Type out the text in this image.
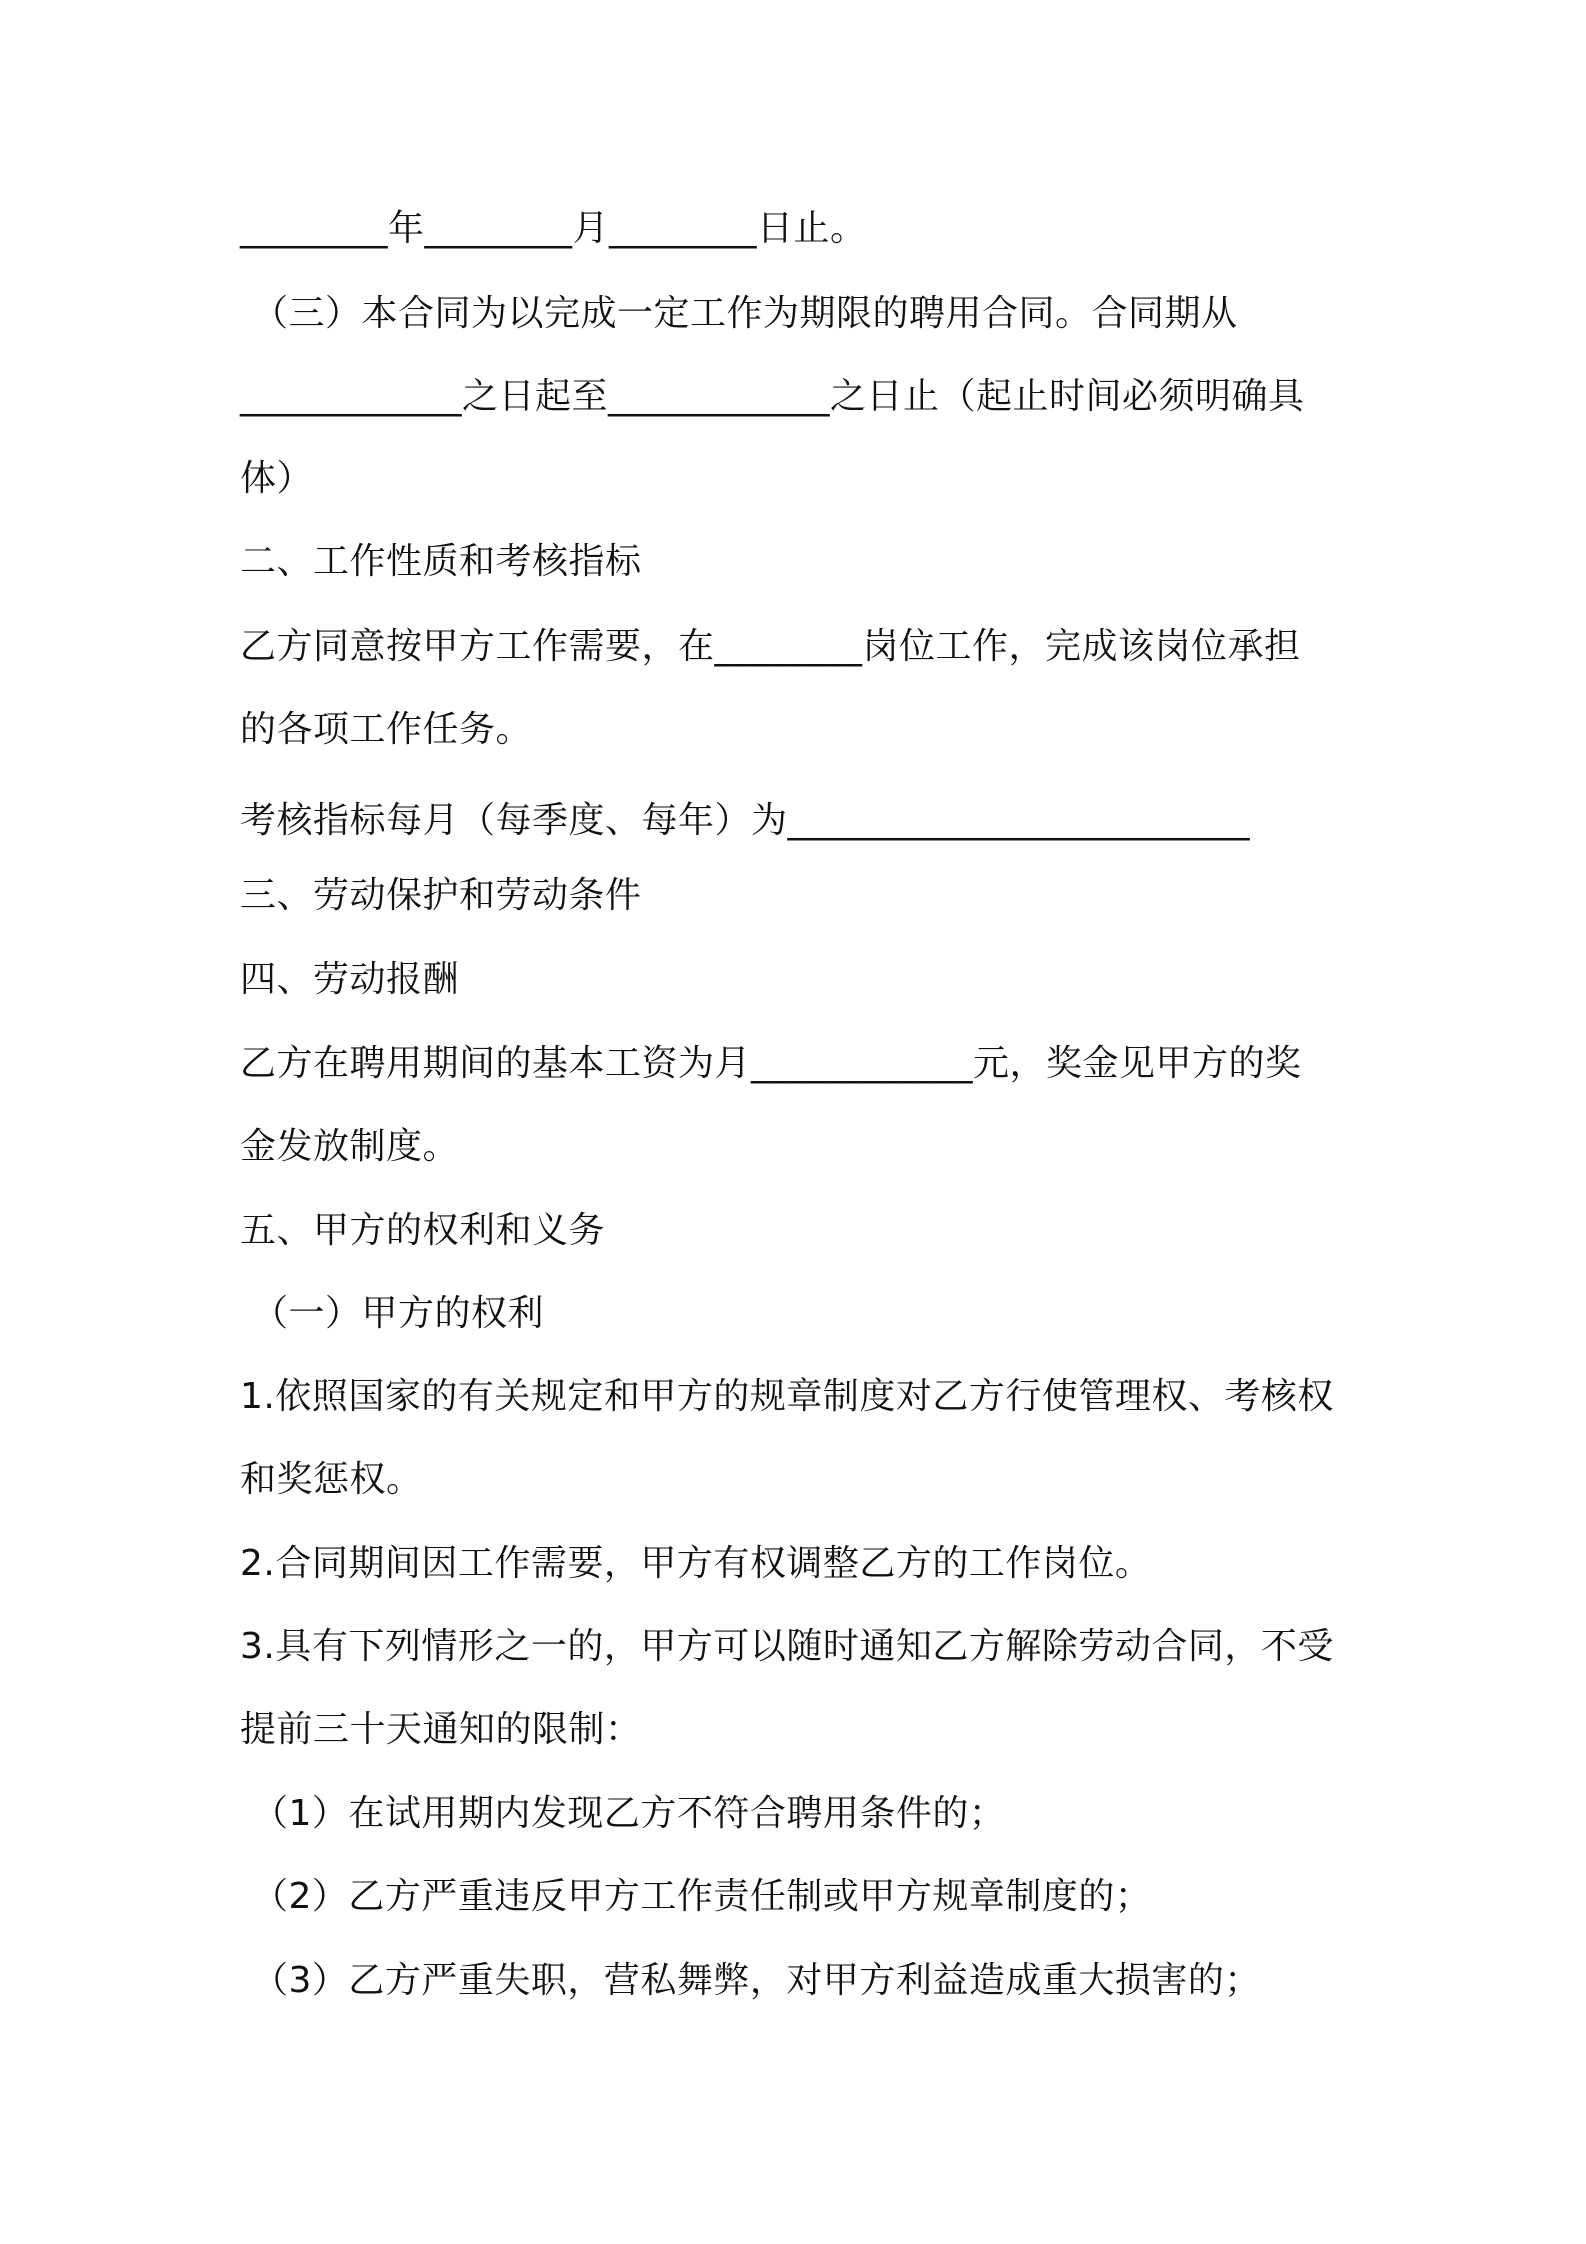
________年________月________日止。
（三）本合同为以完成一定工作为期限的聘用合同。合同期从
____________之日起至____________之日止（起止时间必须明确具
体）
二、工作性质和考核指标
乙方同意按甲方工作需要，在________岗位工作，完成该岗位承担
的各项工作任务。
考核指标每月（每季度、每年）为_________________________
三、劳动保护和劳动条件
四、劳动报酬
乙方在聘用期间的基本工资为月____________元，奖金见甲方的奖
金发放制度。
五、甲方的权利和义务
（一）甲方的权利
1.依照国家的有关规定和甲方的规章制度对乙方行使管理权、考核权
和奖惩权。
2.合同期间因工作需要，甲方有权调整乙方的工作岗位。
3.具有下列情形之一的，甲方可以随时通知乙方解除劳动合同，不受
提前三十天通知的限制：
（1）在试用期内发现乙方不符合聘用条件的；
（2）乙方严重违反甲方工作责任制或甲方规章制度的；
（3）乙方严重失职，营私舞弊，对甲方利益造成重大损害的；
